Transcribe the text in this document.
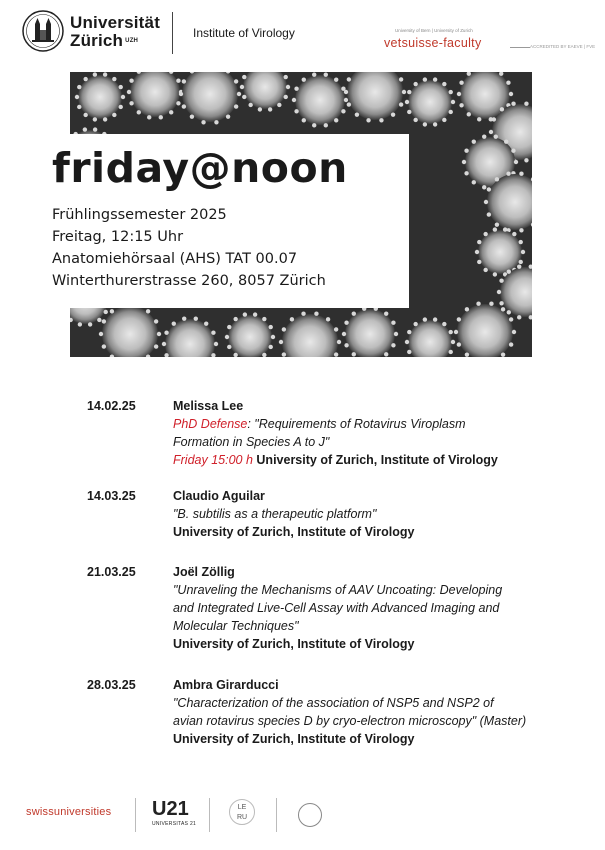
Universität
Zürich $^{UZH}$
Institute of Virology	University of Bern | University of Zurich
vetsuisse-faculty	ACCREDITED BY EAEVE | FVE
friday@noon
Frühlingssemester 2025
Freitag, 12:15 Uhr
Anatomiehörsaal (AHS) TAT 00.07
Winterthurerstrasse 260, 8057 Zürich
14.02.25	Melissa Lee
PhD Defense: "Requirements of Rotavirus Viroplasm
Formation in Species A to J"
Friday 15:00 h University of Zurich, Institute of Virology
14.03.25	Claudio Aguilar
"B. subtilis as a therapeutic platform"
University of Zurich, Institute of Virology
21.03.25	Joël Zöllig
"Unraveling the Mechanisms of AAV Uncoating: Developing
and Integrated Live-Cell Assay with Advanced Imaging and
Molecular Techniques"
University of Zurich, Institute of Virology
28.03.25	Ambra Girarducci
"Characterization of the association of NSP5 and NSP2 of
avian rotavirus species D by cryo-electron microscopy" (Master)
University of Zurich, Institute of Virology
swissuniversities U21
UNIVERSITAS 21
LE
RU
